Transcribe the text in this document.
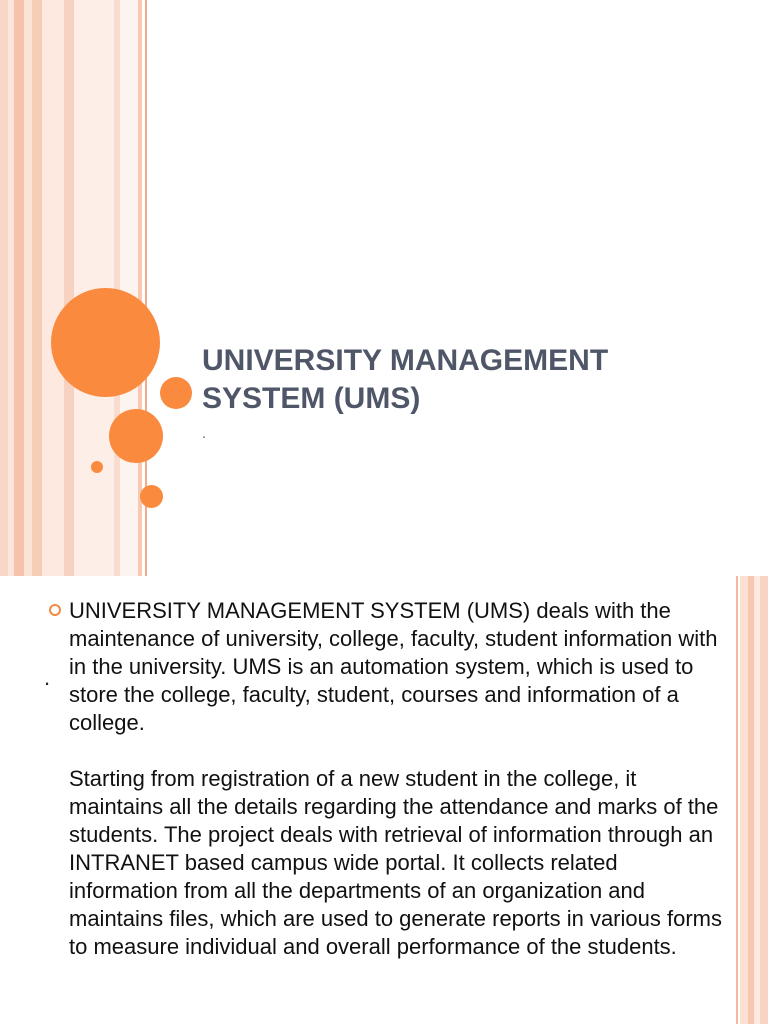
UNIVERSITY MANAGEMENT SYSTEM (UMS)
.
.

UNIVERSITY MANAGEMENT SYSTEM (UMS) deals with the maintenance of university, college, faculty, student information with in the university. UMS is an automation system, which is used to store the college, faculty, student, courses and information of a college.

Starting from registration of a new student in the college, it maintains all the details regarding the attendance and marks of the students. The project deals with retrieval of information through an INTRANET based campus wide portal. It collects related information from all the departments of an organization and maintains files, which are used to generate reports in various forms to measure individual and overall performance of the students.
